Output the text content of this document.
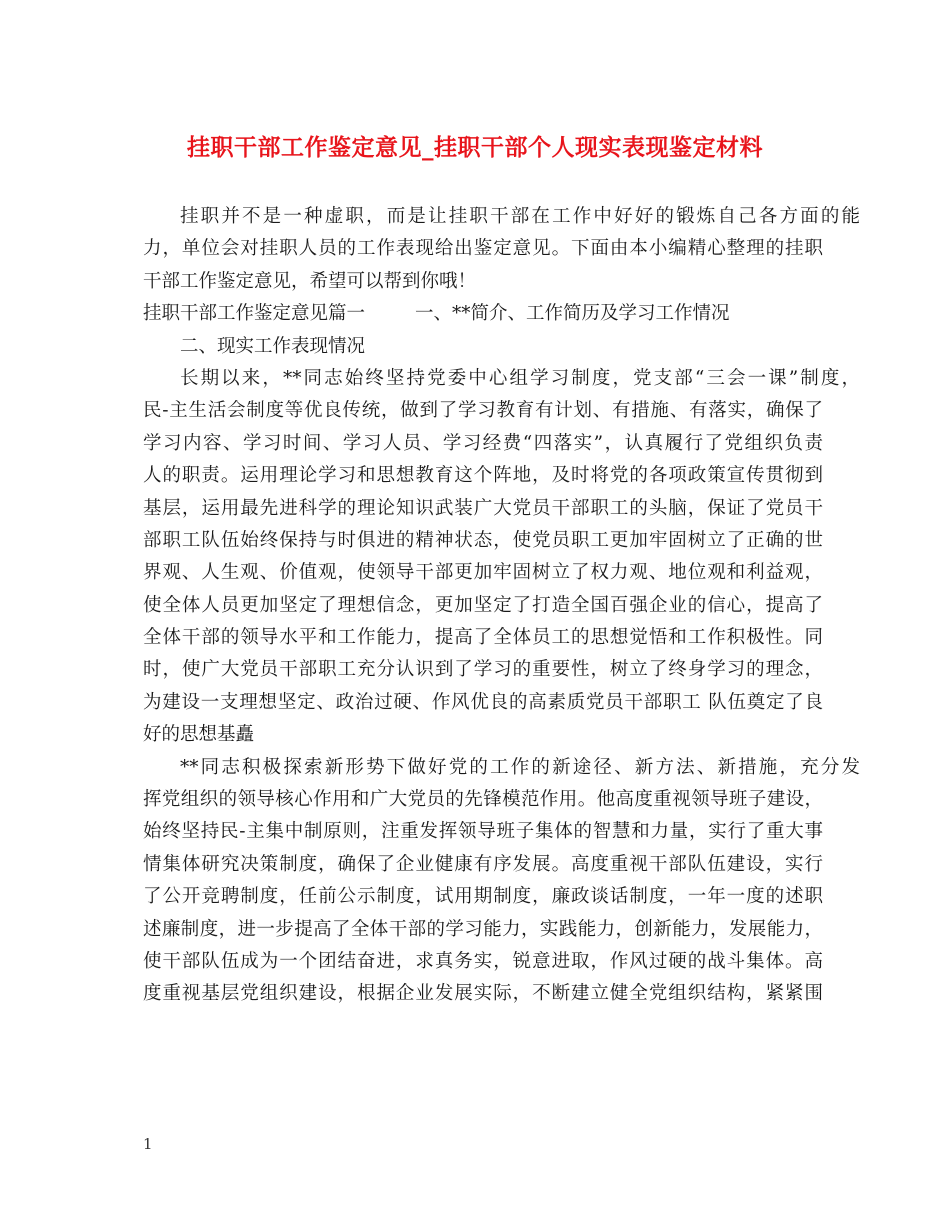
挂职干部工作鉴定意见_挂职干部个人现实表现鉴定材料
挂职并不是一种虚职，而是让挂职干部在工作中好好的锻炼自己各方面的能
力，单位会对挂职人员的工作表现给出鉴定意见。下面由本小编精心整理的挂职
干部工作鉴定意见，希望可以帮到你哦！
挂职干部工作鉴定意见篇一	一、**简介、工作简历及学习工作情况
二、现实工作表现情况
长期以来，**同志始终坚持党委中心组学习制度，党支部“三会一课”制度，
民-主生活会制度等优良传统，做到了学习教育有计划、有措施、有落实，确保了
学习内容、学习时间、学习人员、学习经费“四落实”，认真履行了党组织负责
人的职责。运用理论学习和思想教育这个阵地，及时将党的各项政策宣传贯彻到
基层，运用最先进科学的理论知识武装广大党员干部职工的头脑，保证了党员干
部职工队伍始终保持与时俱进的精神状态，使党员职工更加牢固树立了正确的世
界观、人生观、价值观，使领导干部更加牢固树立了权力观、地位观和利益观，
使全体人员更加坚定了理想信念，更加坚定了打造全国百强企业的信心，提高了
全体干部的领导水平和工作能力，提高了全体员工的思想觉悟和工作积极性。同
时，使广大党员干部职工充分认识到了学习的重要性，树立了终身学习的理念，
为建设一支理想坚定、政治过硬、作风优良的高素质党员干部职工 队伍奠定了良
好的思想基矗
**同志积极探索新形势下做好党的工作的新途径、新方法、新措施，充分发
挥党组织的领导核心作用和广大党员的先锋模范作用。他高度重视领导班子建设，
始终坚持民-主集中制原则，注重发挥领导班子集体的智慧和力量，实行了重大事
情集体研究决策制度，确保了企业健康有序发展。高度重视干部队伍建设，实行
了公开竞聘制度，任前公示制度，试用期制度，廉政谈话制度，一年一度的述职
述廉制度，进一步提高了全体干部的学习能力，实践能力，创新能力，发展能力，
使干部队伍成为一个团结奋进，求真务实，锐意进取，作风过硬的战斗集体。高
度重视基层党组织建设，根据企业发展实际，不断建立健全党组织结构，紧紧围
1
